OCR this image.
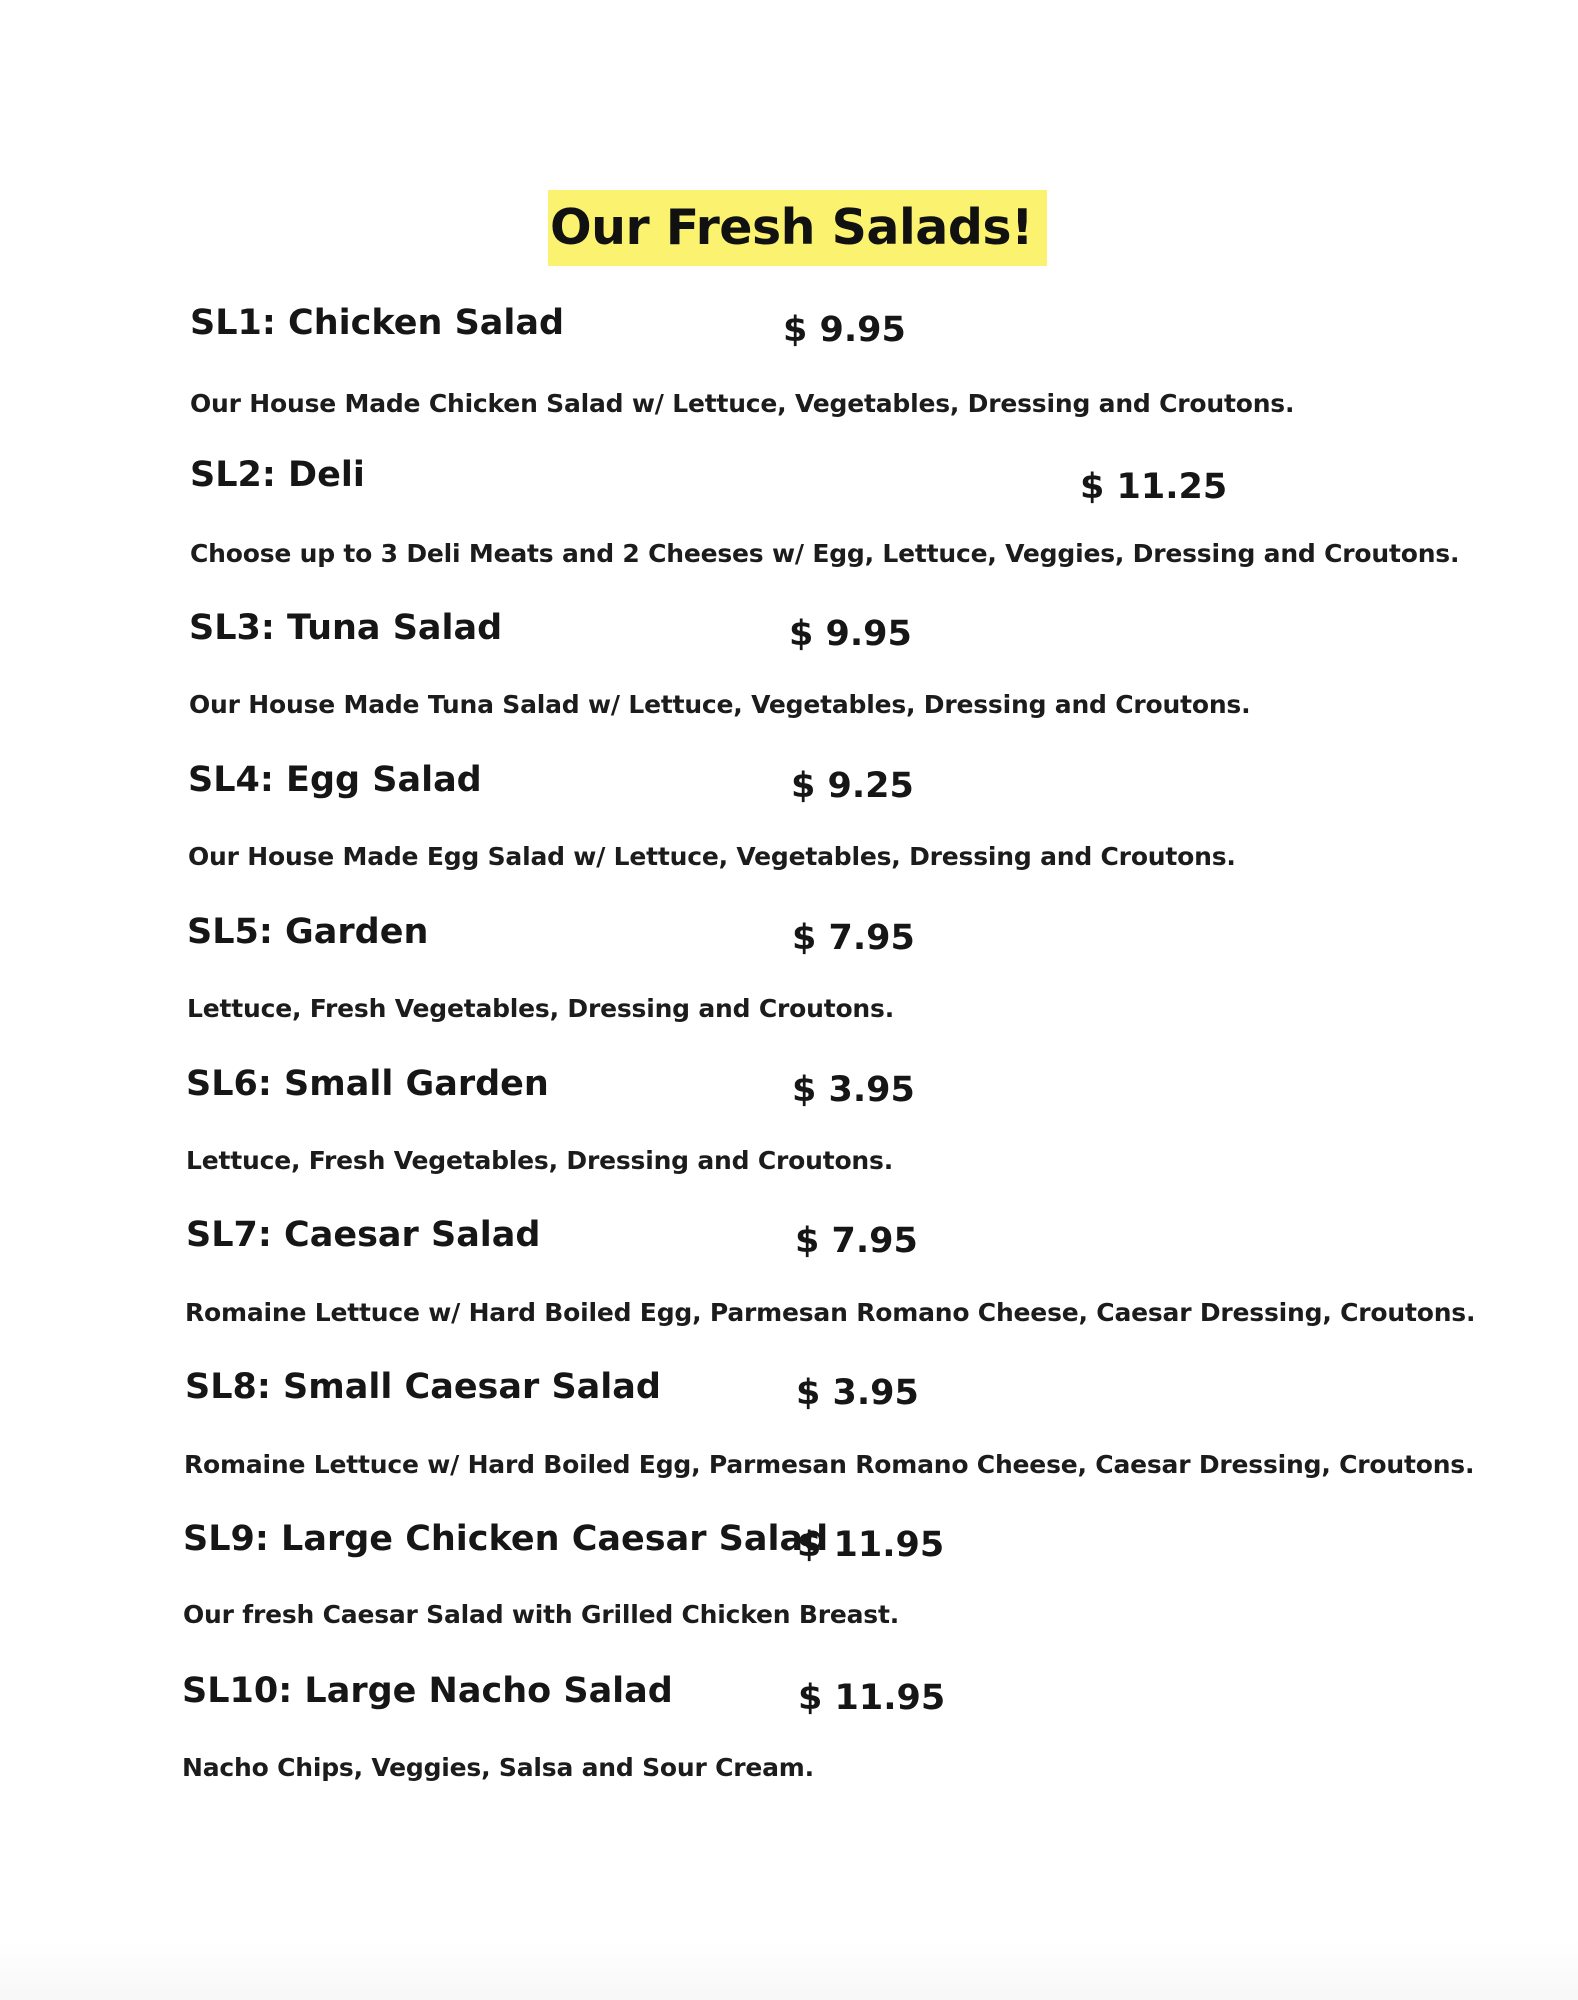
Our Fresh Salads!
SL1: Chicken Salad	$ 9.95
Our House Made Chicken Salad w/ Lettuce, Vegetables, Dressing and Croutons.
SL2: Deli	$ 11.25
Choose up to 3 Deli Meats and 2 Cheeses w/ Egg, Lettuce, Veggies, Dressing and Croutons.
SL3: Tuna Salad	$ 9.95
Our House Made Tuna Salad w/ Lettuce, Vegetables, Dressing and Croutons.
SL4: Egg Salad	$ 9.25
Our House Made Egg Salad w/ Lettuce, Vegetables, Dressing and Croutons.
SL5: Garden	$ 7.95
Lettuce, Fresh Vegetables, Dressing and Croutons.
SL6: Small Garden	$ 3.95
Lettuce, Fresh Vegetables, Dressing and Croutons.
SL7: Caesar Salad	$ 7.95
Romaine Lettuce w/ Hard Boiled Egg, Parmesan Romano Cheese, Caesar Dressing, Croutons.
SL8: Small Caesar Salad	$ 3.95
Romaine Lettuce w/ Hard Boiled Egg, Parmesan Romano Cheese, Caesar Dressing, Croutons.
SL9: Large Chicken Caesar Salad
$ 11.95
Our fresh Caesar Salad with Grilled Chicken Breast.
SL10: Large Nacho Salad	$ 11.95
Nacho Chips, Veggies, Salsa and Sour Cream.
